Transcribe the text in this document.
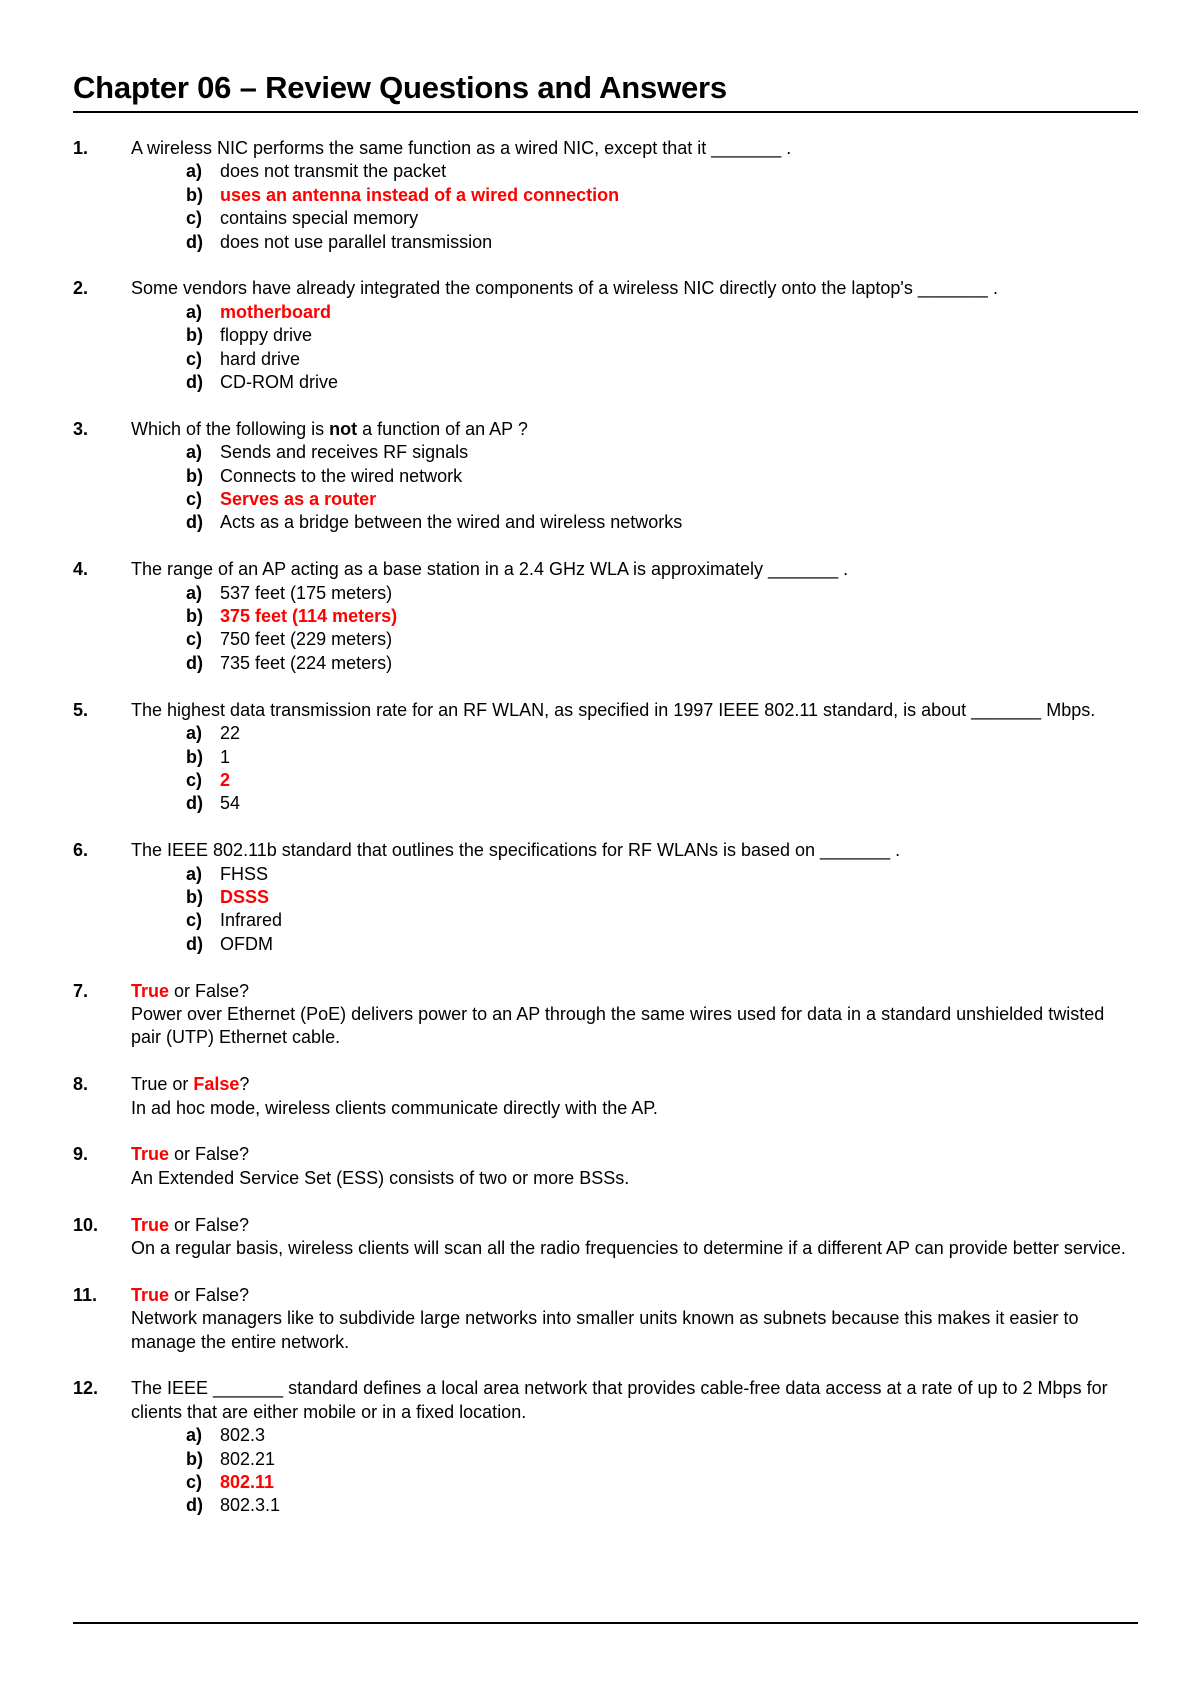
Chapter 06 – Review Questions and Answers
1. A wireless NIC performs the same function as a wired NIC, except that it _______ .
a) does not transmit the packet
b) uses an antenna instead of a wired connection
c) contains special memory
d) does not use parallel transmission
2. Some vendors have already integrated the components of a wireless NIC directly onto the laptop's _______ .
a) motherboard
b) floppy drive
c) hard drive
d) CD-ROM drive
3. Which of the following is not a function of an AP ?
a) Sends and receives RF signals
b) Connects to the wired network
c) Serves as a router
d) Acts as a bridge between the wired and wireless networks
4. The range of an AP acting as a base station in a 2.4 GHz WLA is approximately _______ .
a) 537 feet (175 meters)
b) 375 feet (114 meters)
c) 750 feet (229 meters)
d) 735 feet (224 meters)
5. The highest data transmission rate for an RF WLAN, as specified in 1997 IEEE 802.11 standard, is about _______ Mbps.
a) 22
b) 1
c) 2
d) 54
6. The IEEE 802.11b standard that outlines the specifications for RF WLANs is based on _______ .
a) FHSS
b) DSSS
c) Infrared
d) OFDM
7. True or False?
Power over Ethernet (PoE) delivers power to an AP through the same wires used for data in a standard unshielded twisted pair (UTP) Ethernet cable.
8. True or False?
In ad hoc mode, wireless clients communicate directly with the AP.
9. True or False?
An Extended Service Set (ESS) consists of two or more BSSs.
10. True or False?
On a regular basis, wireless clients will scan all the radio frequencies to determine if a different AP can provide better service.
11. True or False?
Network managers like to subdivide large networks into smaller units known as subnets because this makes it easier to manage the entire network.
12. The IEEE _______ standard defines a local area network that provides cable-free data access at a rate of up to 2 Mbps for clients that are either mobile or in a fixed location.
a) 802.3
b) 802.21
c) 802.11
d) 802.3.1
